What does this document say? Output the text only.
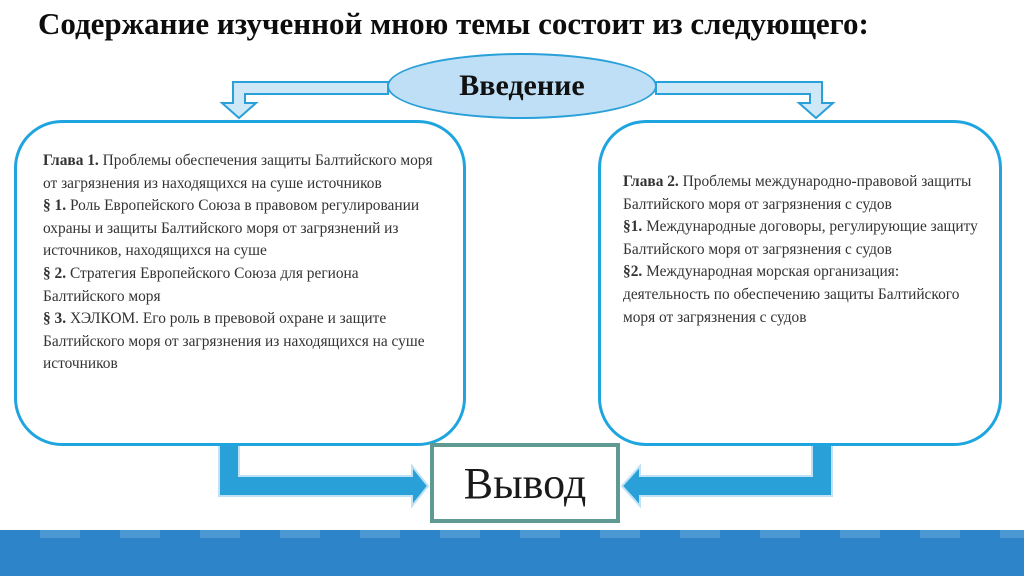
Содержание изученной мною темы состоит из следующего:
Введение

Глава 1. Проблемы обеспечения защиты Балтийского моря от загрязнения из находящихся на суше источников

§ 1. Роль Европейского Союза в правовом регулировании охраны и защиты Балтийского моря от загрязнений из источников, находящихся на суше

§ 2. Стратегия Европейского Союза для региона Балтийского моря

§ 3. ХЭЛКОМ. Его роль в превовой охране и защите Балтийского моря от загрязнения из находящихся на суше источников

Глава 2. Проблемы международно-правовой защиты Балтийского моря от загрязнения с судов

§1. Международные договоры, регулирующие защиту Балтийского моря от загрязнения с судов

§2. Международная морская организация: деятельность по обеспечению защиты Балтийского моря от загрязнения с судов

Вывод
